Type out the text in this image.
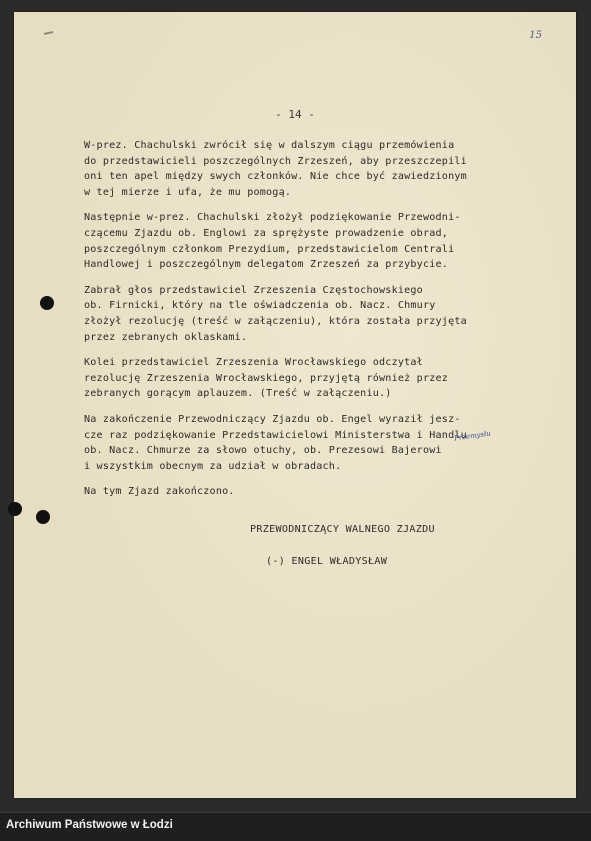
15
- 14 -
W-prez. Chachulski zwrócił się w dalszym ciągu przemówienia
do przedstawicieli poszczególnych Zrzeszeń, aby przeszczepili
oni ten apel między swych członków. Nie chce być zawiedzionym
w tej mierze i ufa, że mu pomogą.
Następnie w-prez. Chachulski złożył podziękowanie Przewodni-
czącemu Zjazdu ob. Englowi za sprężyste prowadzenie obrad,
poszczególnym członkom Prezydium, przedstawicielom Centrali
Handlowej i poszczególnym delegatom Zrzeszeń za przybycie.
Zabrał głos przedstawiciel Zrzeszenia Częstochowskiego
ob. Firnicki, który na tle oświadczenia ob. Nacz. Chmury
złożył rezolucję (treść w załączeniu), która została przyjęta
przez zebranych oklaskami.
Kolei przedstawiciel Zrzeszenia Wrocławskiego odczytał
rezolucję Zrzeszenia Wrocławskiego, przyjętą również przez
zebranych gorącym aplauzem. (Treść w załączeniu.)
Na zakończenie Przewodniczący Zjazdu ob. Engel wyraził jesz-
cze raz podziękowanie Przedstawicielowi Ministerstwa i Handlu
ob. Nacz. Chmurze za słowo otuchy, ob. Prezesowi Bajerowi
i wszystkim obecnym za udział w obradach.
Na tym Zjazd zakończono.
Przemysłu
PRZEWODNICZĄCY WALNEGO ZJAZDU
(-) ENGEL WŁADYSŁAW
Archiwum Państwowe w Łodzi
